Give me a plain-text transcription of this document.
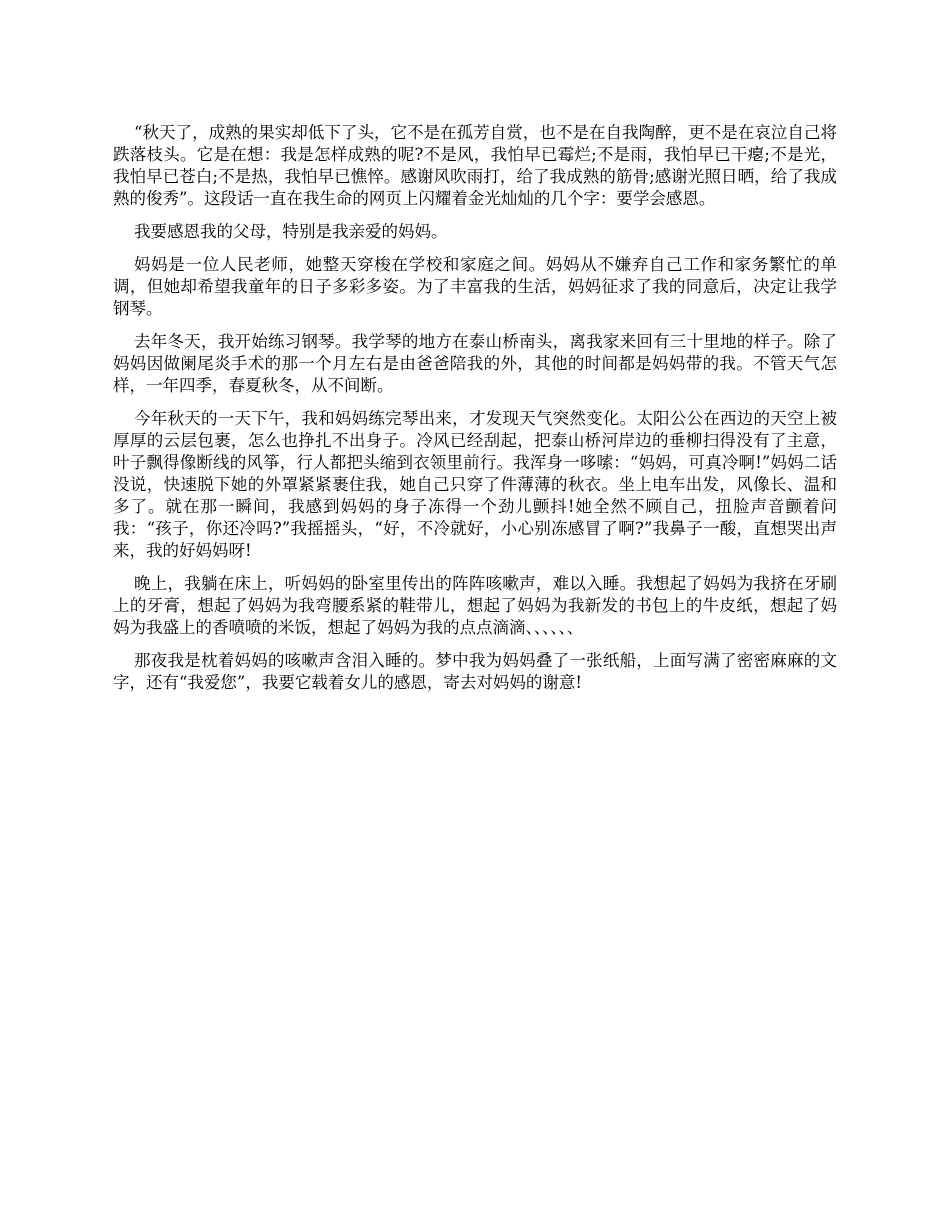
“秋天了，成熟的果实却低下了头，它不是在孤芳自赏，也不是在自我陶醉，更不是在哀泣自己将跌落枝头。它是在想：我是怎样成熟的呢?不是风，我怕早已霉烂;不是雨，我怕早已干瘪;不是光，我怕早已苍白;不是热，我怕早已憔悴。感谢风吹雨打，给了我成熟的筋骨;感谢光照日晒，给了我成熟的俊秀”。这段话一直在我生命的网页上闪耀着金光灿灿的几个字：要学会感恩。

我要感恩我的父母，特别是我亲爱的妈妈。

妈妈是一位人民老师，她整天穿梭在学校和家庭之间。妈妈从不嫌弃自己工作和家务繁忙的单调，但她却希望我童年的日子多彩多姿。为了丰富我的生活，妈妈征求了我的同意后，决定让我学钢琴。

去年冬天，我开始练习钢琴。我学琴的地方在泰山桥南头，离我家来回有三十里地的样子。除了妈妈因做阑尾炎手术的那一个月左右是由爸爸陪我的外，其他的时间都是妈妈带的我。不管天气怎样，一年四季，春夏秋冬，从不间断。

今年秋天的一天下午，我和妈妈练完琴出来，才发现天气突然变化。太阳公公在西边的天空上被厚厚的云层包裹，怎么也挣扎不出身子。冷风已经刮起，把泰山桥河岸边的垂柳扫得没有了主意，叶子飘得像断线的风筝，行人都把头缩到衣领里前行。我浑身一哆嗦：“妈妈，可真冷啊!”妈妈二话没说，快速脱下她的外罩紧紧裹住我，她自己只穿了件薄薄的秋衣。坐上电车出发，风像长、温和多了。就在那一瞬间，我感到妈妈的身子冻得一个劲儿颤抖!她全然不顾自己，扭脸声音颤着问我：“孩子，你还冷吗?”我摇摇头，“好，不冷就好，小心别冻感冒了啊?”我鼻子一酸，直想哭出声来，我的好妈妈呀!

晚上，我躺在床上，听妈妈的卧室里传出的阵阵咳嗽声，难以入睡。我想起了妈妈为我挤在牙刷上的牙膏，想起了妈妈为我弯腰系紧的鞋带儿，想起了妈妈为我新发的书包上的牛皮纸，想起了妈妈为我盛上的香喷喷的米饭，想起了妈妈为我的点点滴滴、、、、、、

那夜我是枕着妈妈的咳嗽声含泪入睡的。梦中我为妈妈叠了一张纸船，上面写满了密密麻麻的文字，还有“我爱您”，我要它载着女儿的感恩，寄去对妈妈的谢意!
